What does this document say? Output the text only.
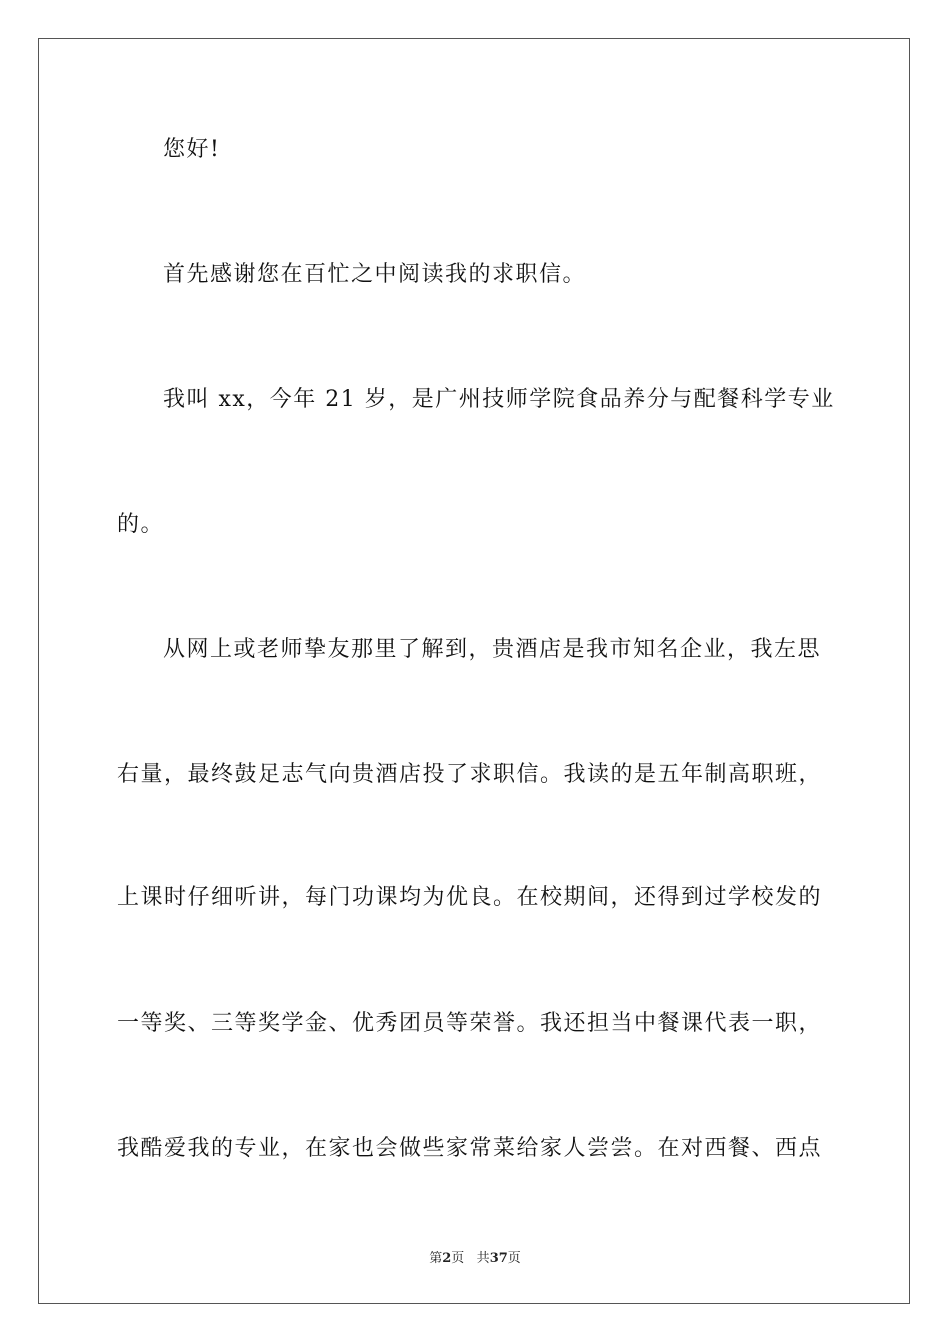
您好!
首先感谢您在百忙之中阅读我的求职信。
我叫 xx，今年 21 岁，是广州技师学院食品养分与配餐科学专业
的。
从网上或老师挚友那里了解到，贵酒店是我市知名企业，我左思
右量，最终鼓足志气向贵酒店投了求职信。我读的是五年制高职班，
上课时仔细听讲，每门功课均为优良。在校期间，还得到过学校发的
一等奖、三等奖学金、优秀团员等荣誉。我还担当中餐课代表一职，
我酷爱我的专业，在家也会做些家常菜给家人尝尝。在对西餐、西点
第2页 共37页
